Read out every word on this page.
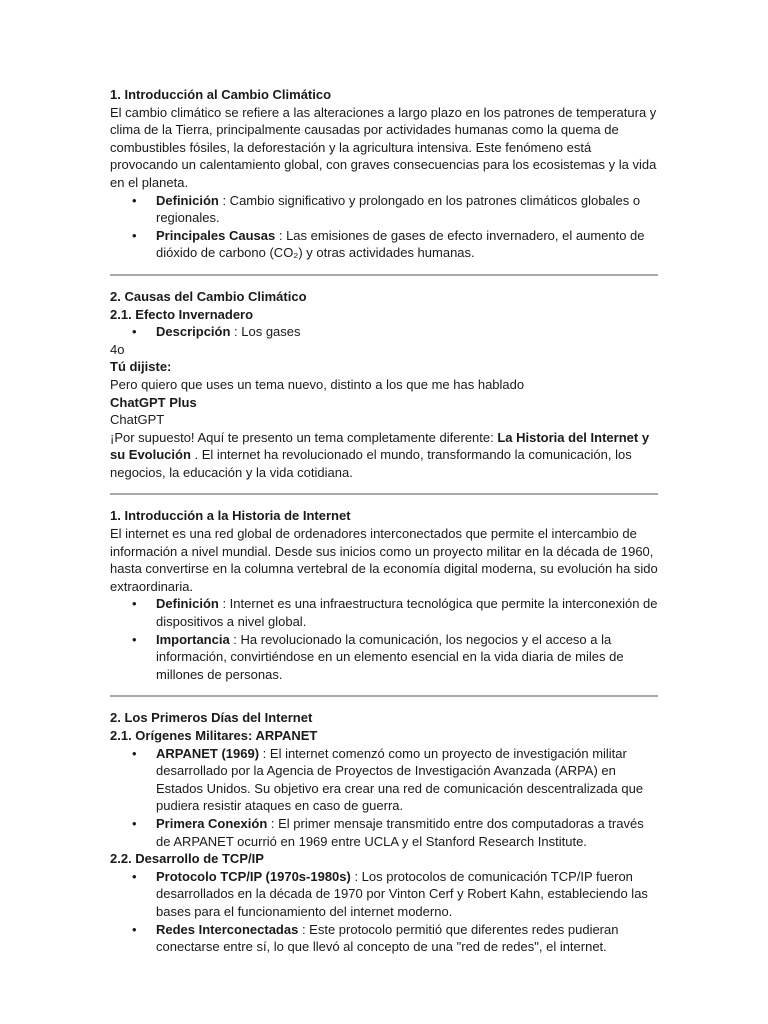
1. Introducción al Cambio Climático

El cambio climático se refiere a las alteraciones a largo plazo en los patrones de temperatura y clima de la Tierra, principalmente causadas por actividades humanas como la quema de combustibles fósiles, la deforestación y la agricultura intensiva. Este fenómeno está provocando un calentamiento global, con graves consecuencias para los ecosistemas y la vida en el planeta.

• Definición : Cambio significativo y prolongado en los patrones climáticos globales o regionales.
• Principales Causas : Las emisiones de gases de efecto invernadero, el aumento de dióxido de carbono (CO₂) y otras actividades humanas.

2. Causas del Cambio Climático

2.1. Efecto Invernadero

• Descripción : Los gases

4o

Tú dijiste:

Pero quiero que uses un tema nuevo, distinto a los que me has hablado

ChatGPT Plus

ChatGPT

¡Por supuesto! Aquí te presento un tema completamente diferente: La Historia del Internet y su Evolución . El internet ha revolucionado el mundo, transformando la comunicación, los negocios, la educación y la vida cotidiana.

1. Introducción a la Historia de Internet

El internet es una red global de ordenadores interconectados que permite el intercambio de información a nivel mundial. Desde sus inicios como un proyecto militar en la década de 1960, hasta convertirse en la columna vertebral de la economía digital moderna, su evolución ha sido extraordinaria.

• Definición : Internet es una infraestructura tecnológica que permite la interconexión de dispositivos a nivel global.
• Importancia : Ha revolucionado la comunicación, los negocios y el acceso a la información, convirtiéndose en un elemento esencial en la vida diaria de miles de millones de personas.

2. Los Primeros Días del Internet

2.1. Orígenes Militares: ARPANET

• ARPANET (1969) : El internet comenzó como un proyecto de investigación militar desarrollado por la Agencia de Proyectos de Investigación Avanzada (ARPA) en Estados Unidos. Su objetivo era crear una red de comunicación descentralizada que pudiera resistir ataques en caso de guerra.
• Primera Conexión : El primer mensaje transmitido entre dos computadoras a través de ARPANET ocurrió en 1969 entre UCLA y el Stanford Research Institute.

2.2. Desarrollo de TCP/IP

• Protocolo TCP/IP (1970s-1980s) : Los protocolos de comunicación TCP/IP fueron desarrollados en la década de 1970 por Vinton Cerf y Robert Kahn, estableciendo las bases para el funcionamiento del internet moderno.
• Redes Interconectadas : Este protocolo permitió que diferentes redes pudieran conectarse entre sí, lo que llevó al concepto de una "red de redes", el internet.
